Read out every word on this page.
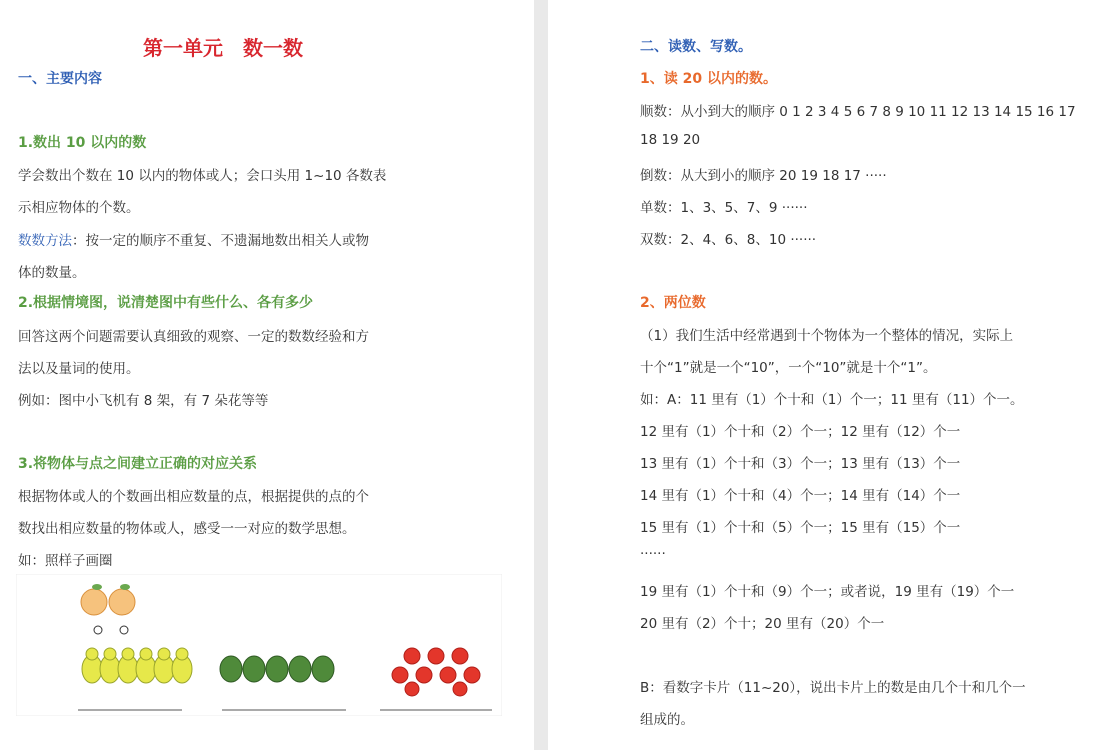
第一单元　数一数
一、主要内容
1.数出 10 以内的数
学会数出个数在 10 以内的物体或人；会口头用 1~10 各数表
示相应物体的个数。
数数方法：按一定的顺序不重复、不遗漏地数出相关人或物
体的数量。
2.根据情境图，说清楚图中有些什么、各有多少
回答这两个问题需要认真细致的观察、一定的数数经验和方
法以及量词的使用。
例如：图中小飞机有 8 架，有 7 朵花等等
3.将物体与点之间建立正确的对应关系
根据物体或人的个数画出相应数量的点，根据提供的点的个
数找出相应数量的物体或人，感受一一对应的数学思想。
如：照样子画圈
二、读数、写数。
1、读 20 以内的数。
顺数：从小到大的顺序 0 1 2 3 4 5 6 7 8 9 10 11 12 13 14 15 16 17
18 19 20
倒数：从大到小的顺序 20 19 18 17 ·····
单数：1、3、5、7、9 ······
双数：2、4、6、8、10 ······
2、两位数
（1）我们生活中经常遇到十个物体为一个整体的情况，实际上
十个“1”就是一个“10”，一个“10”就是十个“1”。
如：A：11 里有（1）个十和（1）个一；11 里有（11）个一。
12 里有（1）个十和（2）个一；12 里有（12）个一
13 里有（1）个十和（3）个一；13 里有（13）个一
14 里有（1）个十和（4）个一；14 里有（14）个一
15 里有（1）个十和（5）个一；15 里有（15）个一
······
19 里有（1）个十和（9）个一；或者说，19 里有（19）个一
20 里有（2）个十；20 里有（20）个一
B：看数字卡片（11~20），说出卡片上的数是由几个十和几个一
组成的。
